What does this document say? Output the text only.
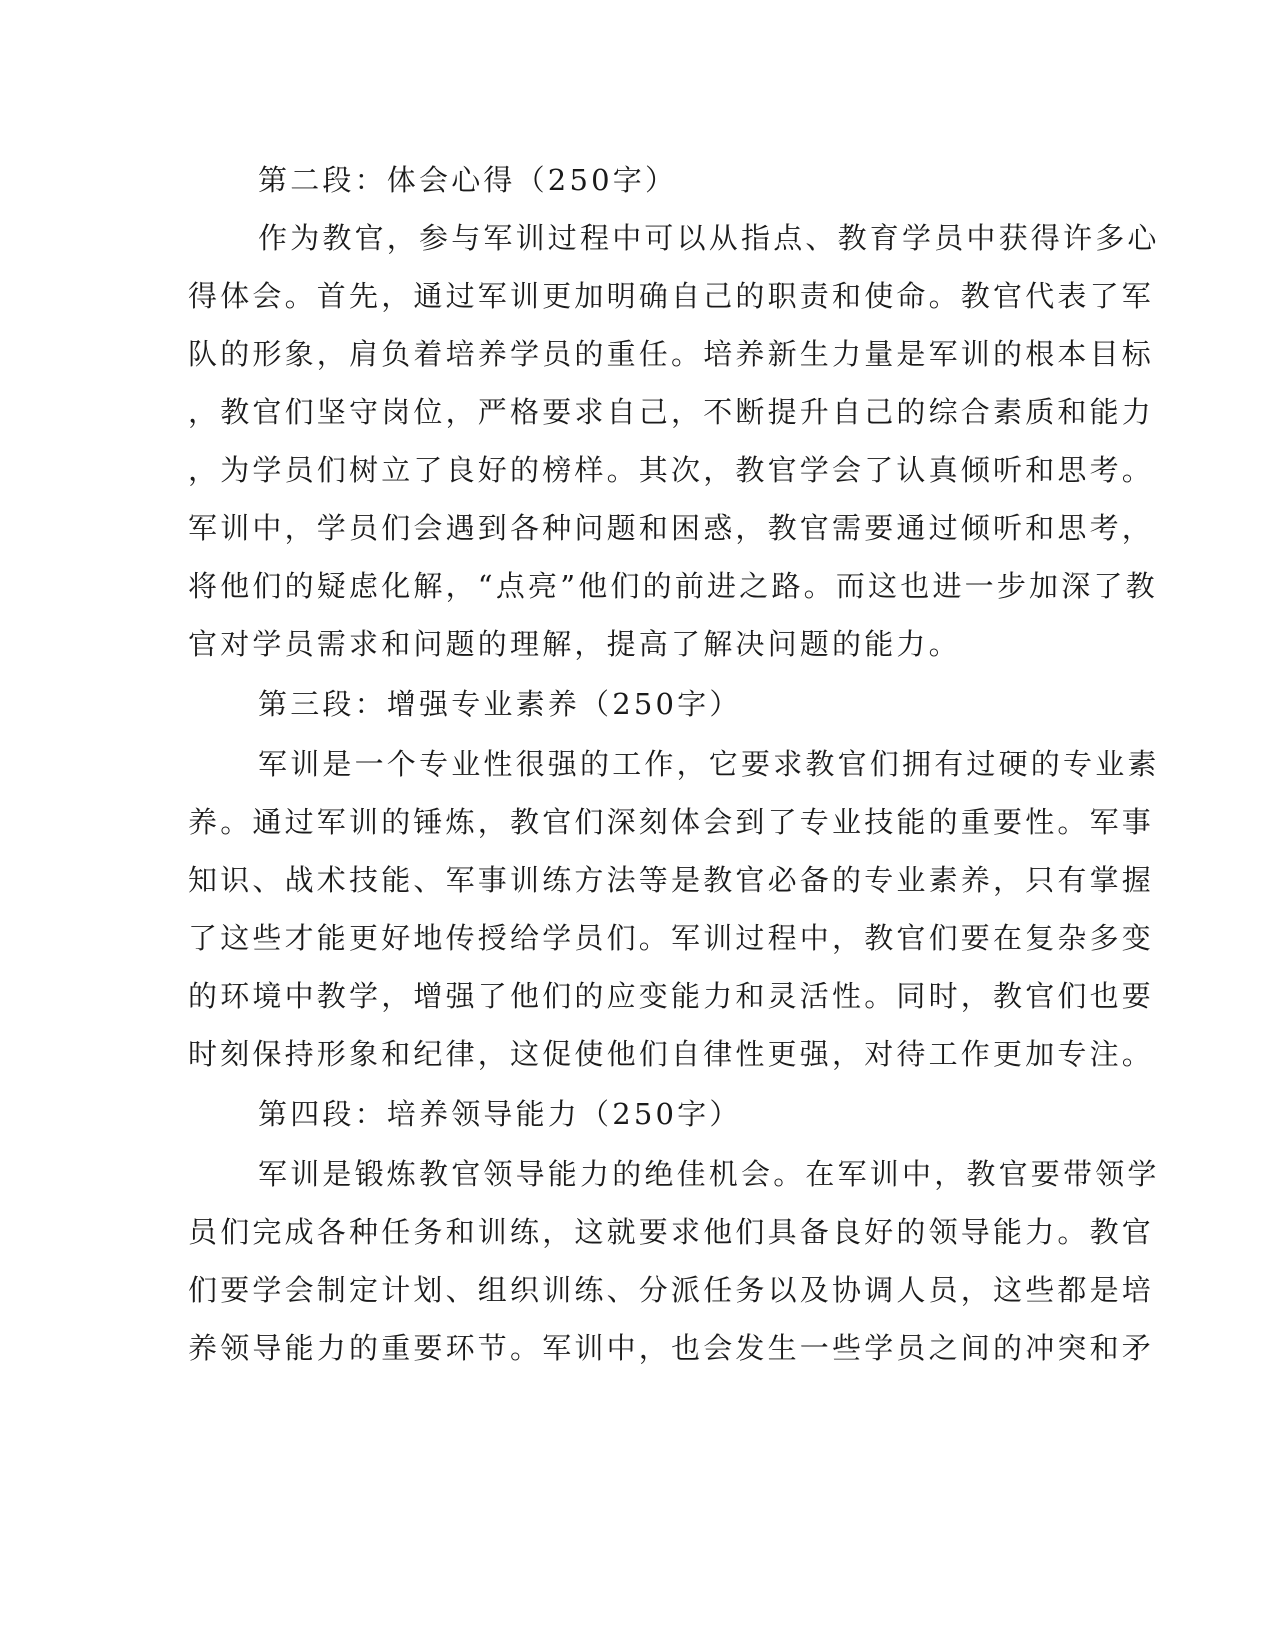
第二段：体会心得（250字）
作为教官，参与军训过程中可以从指点、教育学员中获得许多心
得体会。首先，通过军训更加明确自己的职责和使命。教官代表了军
队的形象，肩负着培养学员的重任。培养新生力量是军训的根本目标
，教官们坚守岗位，严格要求自己，不断提升自己的综合素质和能力
，为学员们树立了良好的榜样。其次，教官学会了认真倾听和思考。
军训中，学员们会遇到各种问题和困惑，教官需要通过倾听和思考，
将他们的疑虑化解，“点亮”他们的前进之路。而这也进一步加深了教
官对学员需求和问题的理解，提高了解决问题的能力。
第三段：增强专业素养（250字）
军训是一个专业性很强的工作，它要求教官们拥有过硬的专业素
养。通过军训的锤炼，教官们深刻体会到了专业技能的重要性。军事
知识、战术技能、军事训练方法等是教官必备的专业素养，只有掌握
了这些才能更好地传授给学员们。军训过程中，教官们要在复杂多变
的环境中教学，增强了他们的应变能力和灵活性。同时，教官们也要
时刻保持形象和纪律，这促使他们自律性更强，对待工作更加专注。
第四段：培养领导能力（250字）
军训是锻炼教官领导能力的绝佳机会。在军训中，教官要带领学
员们完成各种任务和训练，这就要求他们具备良好的领导能力。教官
们要学会制定计划、组织训练、分派任务以及协调人员，这些都是培
养领导能力的重要环节。军训中，也会发生一些学员之间的冲突和矛
